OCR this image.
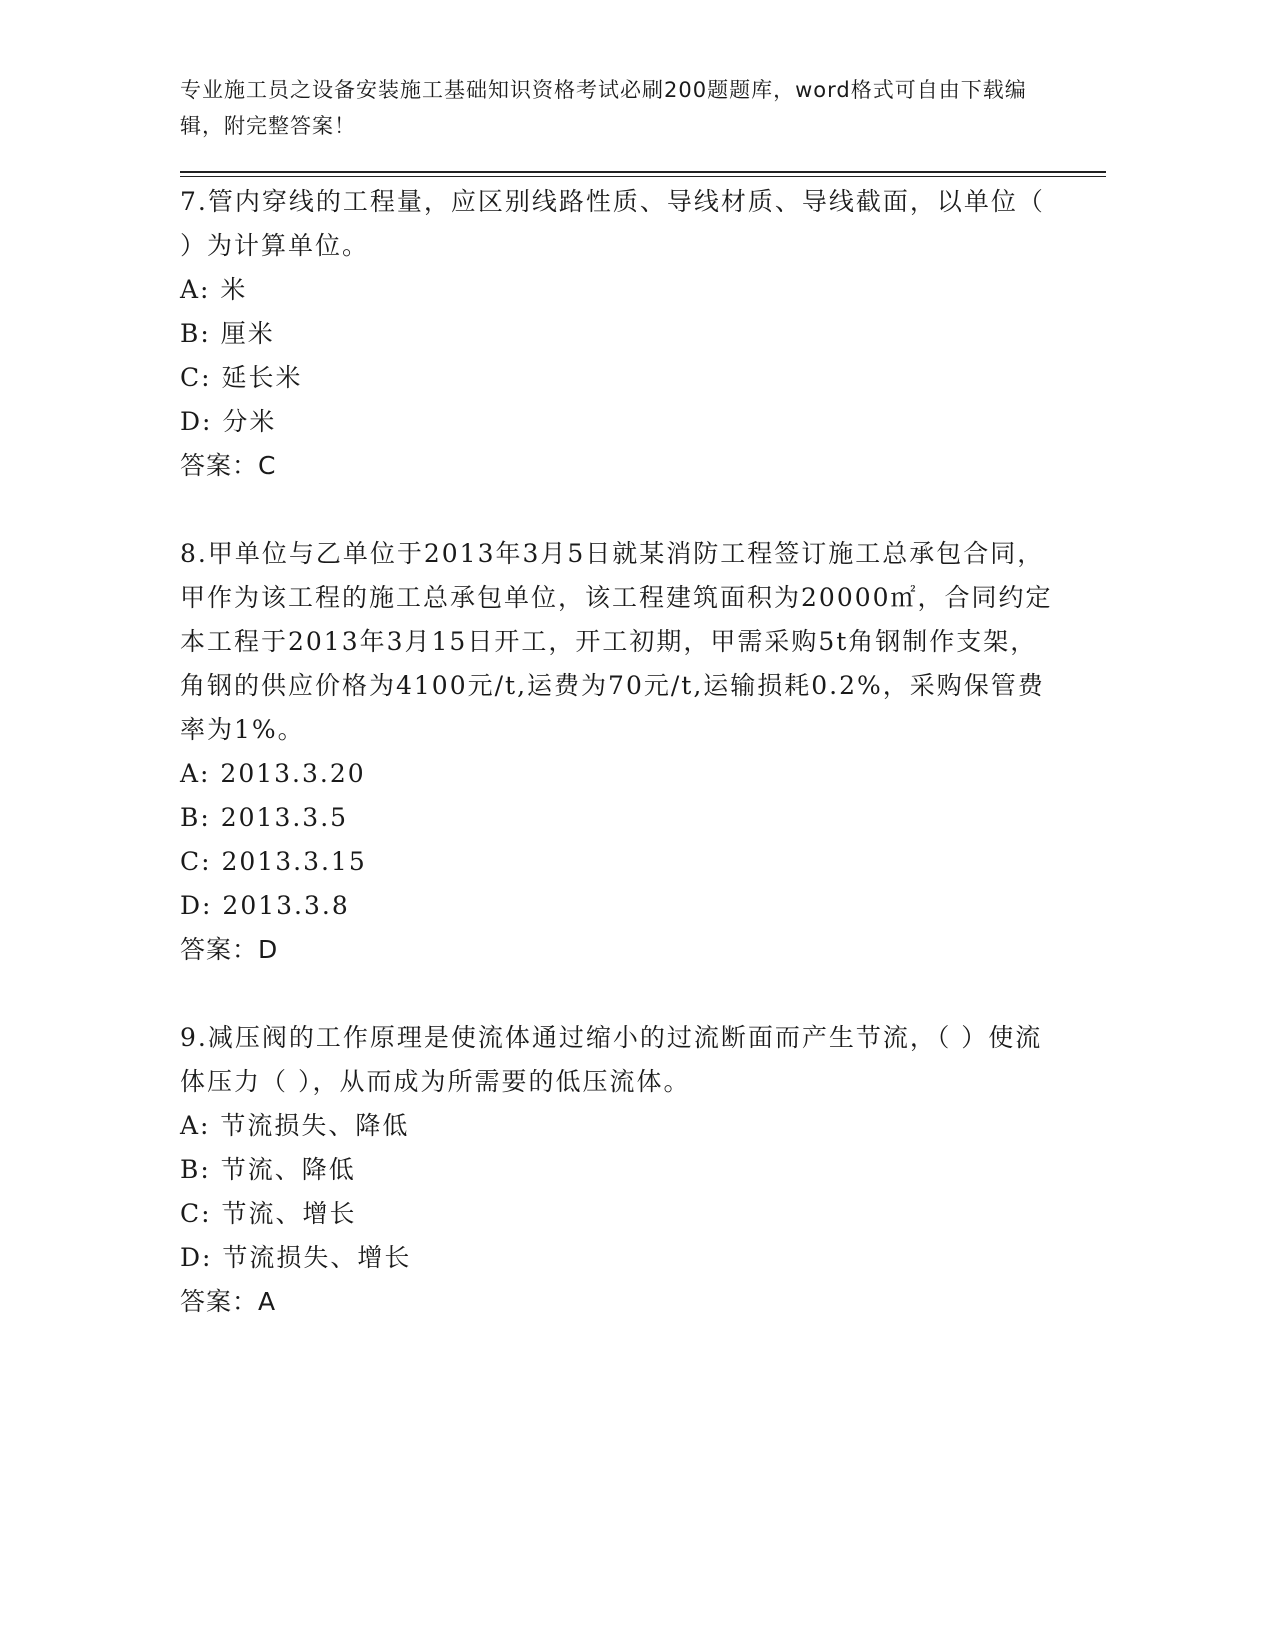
专业施工员之设备安装施工基础知识资格考试必刷200题题库，word格式可自由下载编辑，附完整答案！

7.管内穿线的工程量，应区别线路性质、导线材质、导线截面，以单位（ ）为计算单位。

A: 米

B: 厘米

C: 延长米

D: 分米

答案：C

8.甲单位与乙单位于2013年3月5日就某消防工程签订施工总承包合同，甲作为该工程的施工总承包单位，该工程建筑面积为20000㎡，合同约定本工程于2013年3月15日开工，开工初期，甲需采购5t角钢制作支架，角钢的供应价格为4100元/t,运费为70元/t,运输损耗0.2%，采购保管费率为1%。

A: 2013.3.20

B: 2013.3.5

C: 2013.3.15

D: 2013.3.8

答案：D

9.减压阀的工作原理是使流体通过缩小的过流断面而产生节流，（ ）使流体压力（ ），从而成为所需要的低压流体。

A: 节流损失、降低

B: 节流、降低

C: 节流、增长

D: 节流损失、增长

答案：A
